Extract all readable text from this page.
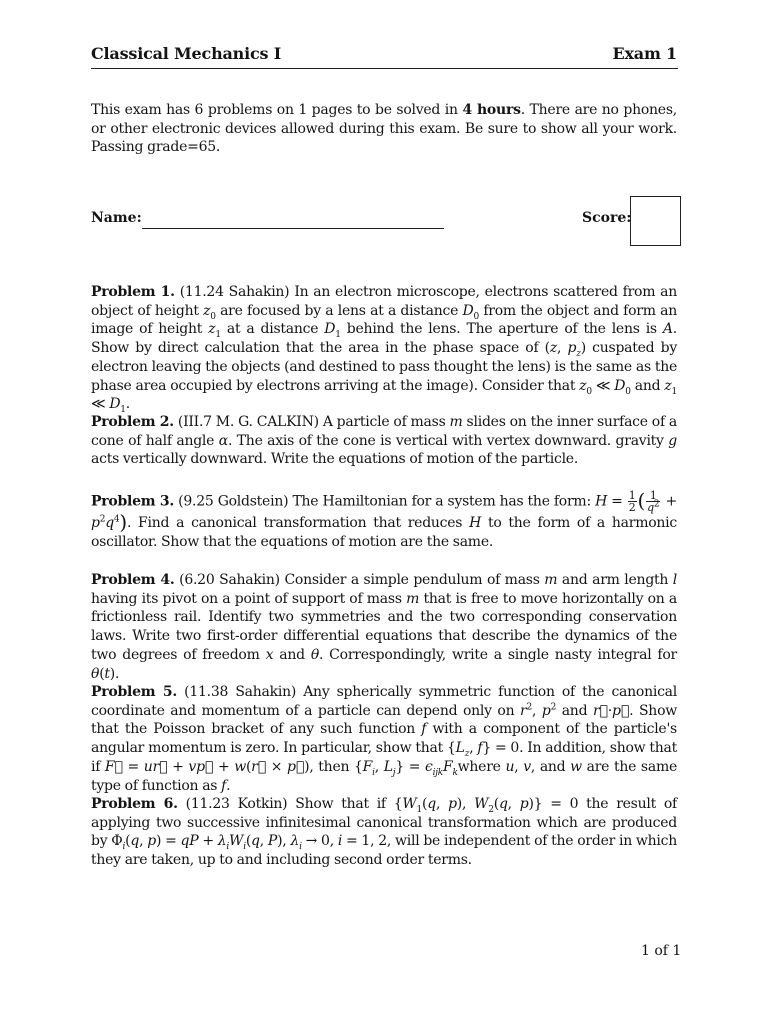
Classical Mechanics I	Exam 1
This exam has 6 problems on 1 pages to be solved in 4 hours. There are no phones, or other electronic devices allowed during this exam. Be sure to show all your work. Passing grade=65.
Name:	Score:
Problem 1. (11.24 Sahakin) In an electron microscope, electrons scattered from an object of height $z_0$ are focused by a lens at a distance $D_0$ from the object and form an image of height $z_1$ at a distance $D_1$ behind the lens. The aperture of the lens is A. Show by direct calculation that the area in the phase space of (z, $p_z$) cuspated by electron leaving the objects (and destined to pass thought the lens) is the same as the phase area occupied by electrons arriving at the image). Consider that $z_0$ ≪ $D_0$ and $z_1$ ≪ $D_1$.
Problem 2. (III.7 M. G. CALKIN) A particle of mass m slides on the inner surface of a cone of half angle α. The axis of the cone is vertical with vertex downward. gravity g acts vertically downward. Write the equations of motion of the particle.
Problem 3. (9.25 Goldstein) The Hamiltonian for a system has the form: $H = \frac{1}{2}$ ( $\frac{1}{q^2} + p^2q^4$). Find a canonical transformation that reduces H to the form of a harmonic oscillator. Show that the equations of motion are the same.
Problem 4. (6.20 Sahakin) Consider a simple pendulum of mass m and arm length l having its pivot on a point of support of mass m that is free to move horizontally on a frictionless rail. Identify two symmetries and the two corresponding conservation laws. Write two first-order differential equations that describe the dynamics of the two degrees of freedom x and θ. Correspondingly, write a single nasty integral for θ(t).
Problem 5. (11.38 Sahakin) Any spherically symmetric function of the canonical coordinate and momentum of a particle can depend only on $r^2$, $p^2$ and r⃗·p⃗. Show that the Poisson bracket of any such function f with a component of the particle's angular momentum is zero. In particular, show that {$L_z$, f} = 0. In addition, show that if F⃗ = ur⃗ + vp⃗ + w(r⃗ × p⃗), then {$F_i$, $L_j$} = $\epsilon_{ijk}F_kwhere$ u, v, and w are the same type of function as f.
Problem 6. (11.23 Kotkin) Show that if {$W_1(q$, p), $W_2(q$, p)} = 0 the result of applying two successive infinitesimal canonical transformation which are produced by $\Phi_i(q$, p) = qP + $\lambda_iW_i(q$, P), $\lambda_i \to 0$, i = 1, 2, will be independent of the order in which they are taken, up to and including second order terms.
1 of 1
